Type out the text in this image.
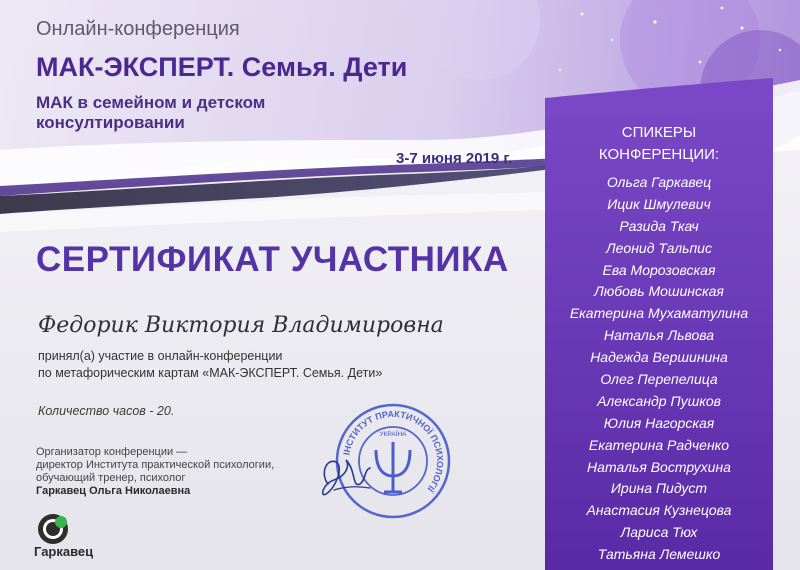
Онлайн-конференция
МАК-ЭКСПЕРТ. Семья. Дети
МАК в семейном и детском
консултировании
3-7 июня 2019 г.
СЕРТИФИКАТ УЧАСТНИКА
Федорик Виктория Владимировна
принял(а) участие в онлайн-конференции
по метафорическим картам «МАК-ЭКСПЕРТ. Семья. Дети»
Количество часов - 20.
Организатор конференции —
директор Института практической психологии,
обучающий тренер, психолог
Гаркавец Ольга Николаевна
Гаркавец
ІНСТИТУТ ПРАКТИЧНОЇ ПСИХОЛОГІЇ
УКРАЇНА
СПИКЕРЫ
КОНФЕРЕНЦИИ:
Ольга Гаркавец
Ицик Шмулевич
Разида Ткач
Леонид Тальпис
Ева Морозовская
Любовь Мошинская
Екатерина Мухаматулина
Наталья Львова
Надежда Вершинина
Олег Перепелица
Александр Пушков
Юлия Нагорская
Екатерина Радченко
Наталья Вострухина
Ирина Пидуст
Анастасия Кузнецова
Лариса Тюх
Татьяна Лемешко
